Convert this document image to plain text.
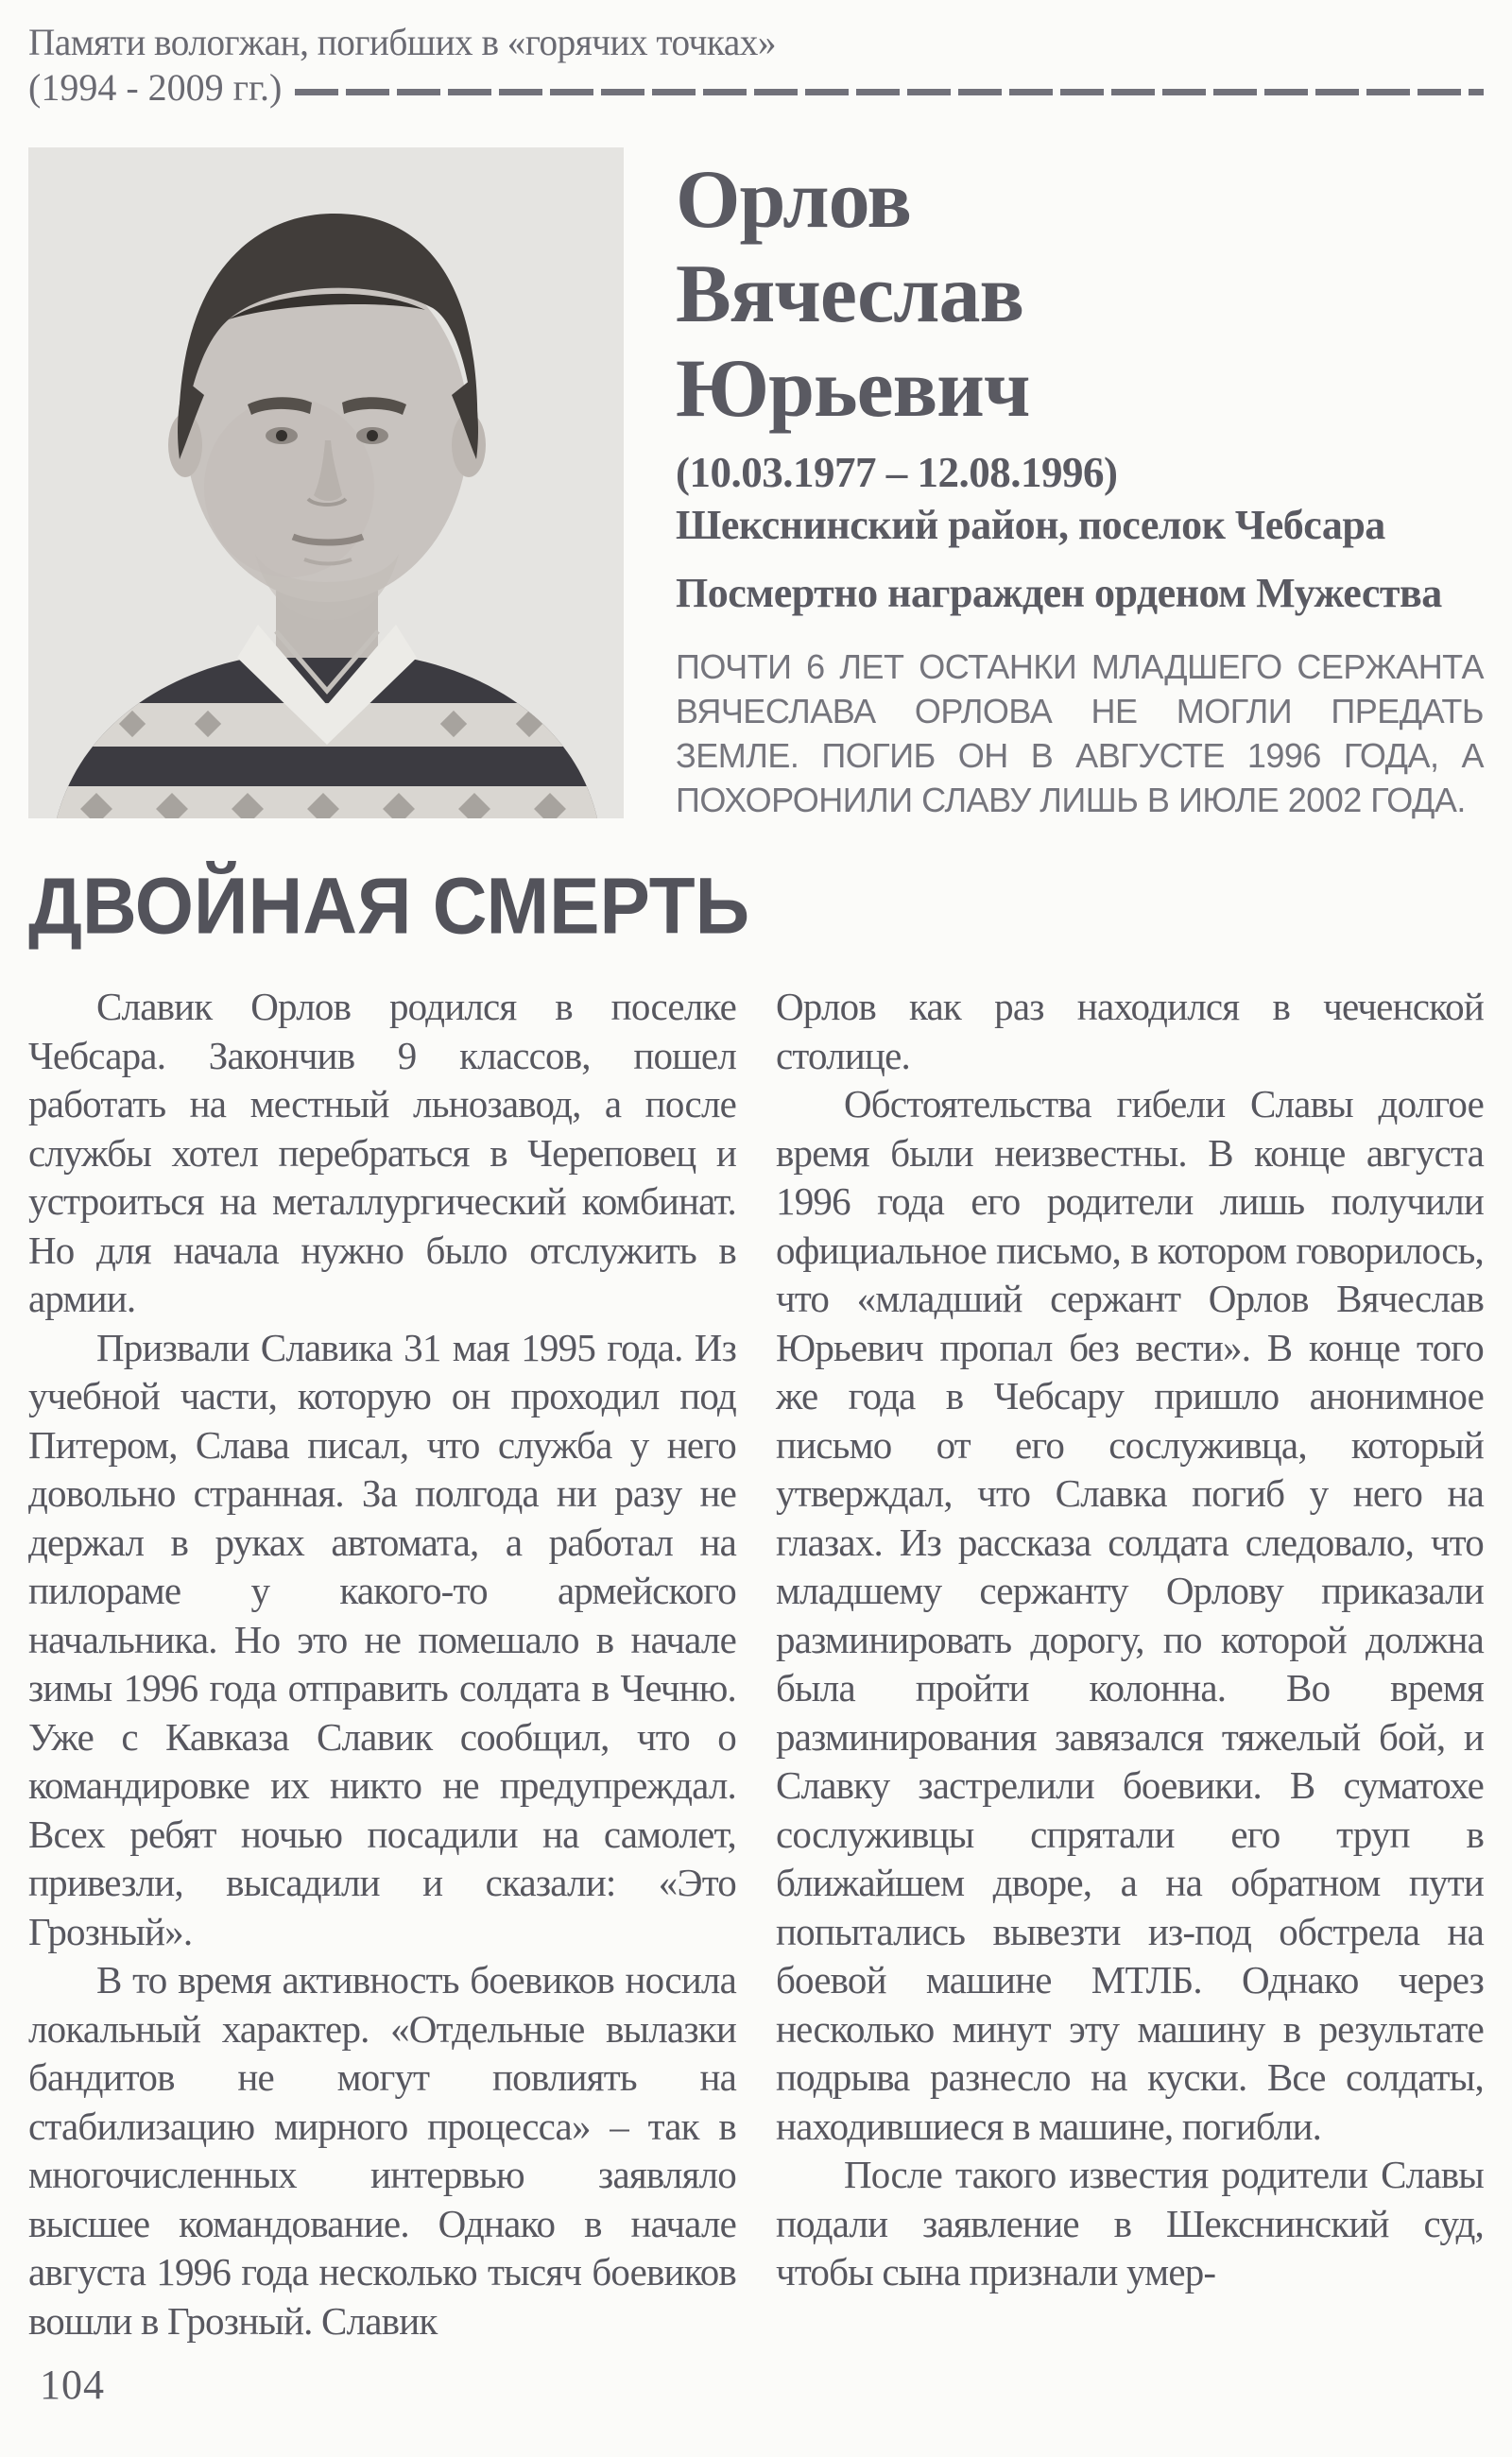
Памяти вологжан, погибших в «горячих точках»
(1994 - 2009 гг.)
Орлов
Вячеслав
Юрьевич
(10.03.1977 – 12.08.1996)
Шекснинский район, поселок Чебсара
Посмертно награжден орденом Мужества
ПОЧТИ 6 ЛЕТ ОСТАНКИ МЛАДШЕГО СЕРЖАНТА ВЯЧЕСЛАВА ОРЛОВА НЕ МОГЛИ ПРЕДАТЬ ЗЕМЛЕ. ПОГИБ ОН В АВГУСТЕ 1996 ГОДА, А ПОХОРОНИЛИ СЛАВУ ЛИШЬ В ИЮЛЕ 2002 ГОДА.
ДВОЙНАЯ СМЕРТЬ

Славик Орлов родился в поселке Чебсара. Закончив 9 классов, пошел работать на местный льнозавод, а после службы хотел перебраться в Череповец и устроиться на металлургический комбинат. Но для начала нужно было отслужить в армии.

Призвали Славика 31 мая 1995 года. Из учебной части, которую он проходил под Питером, Слава писал, что служба у него довольно странная. За полгода ни разу не держал в руках автомата, а работал на пилораме у какого-то армейского начальника. Но это не помешало в начале зимы 1996 года отправить солдата в Чечню. Уже с Кавказа Славик сообщил, что о командировке их никто не предупреждал. Всех ребят ночью посадили на самолет, привезли, высадили и сказали: «Это Грозный».

В то время активность боевиков носила локальный характер. «Отдельные вылазки бандитов не могут повлиять на стабилизацию мирного процесса» – так в многочисленных интервью заявляло высшее командование. Однако в начале августа 1996 года несколько тысяч боевиков вошли в Грозный. Славик

Орлов как раз находился в чеченской столице.

Обстоятельства гибели Славы долгое время были неизвестны. В конце августа 1996 года его родители лишь получили официальное письмо, в котором говорилось, что «младший сержант Орлов Вячеслав Юрьевич пропал без вести». В конце того же года в Чебсару пришло анонимное письмо от его сослуживца, который утверждал, что Славка погиб у него на глазах. Из рассказа солдата следовало, что младшему сержанту Орлову приказали разминировать дорогу, по которой должна была пройти колонна. Во время разминирования завязался тяжелый бой, и Славку застрелили боевики. В суматохе сослуживцы спрятали его труп в ближайшем дворе, а на обратном пути попытались вывезти из-под обстрела на боевой машине МТЛБ. Однако через несколько минут эту машину в результате подрыва разнесло на куски. Все солдаты, находившиеся в машине, погибли.

После такого известия родители Славы подали заявление в Шекснинский суд, чтобы сына признали умер-

104
